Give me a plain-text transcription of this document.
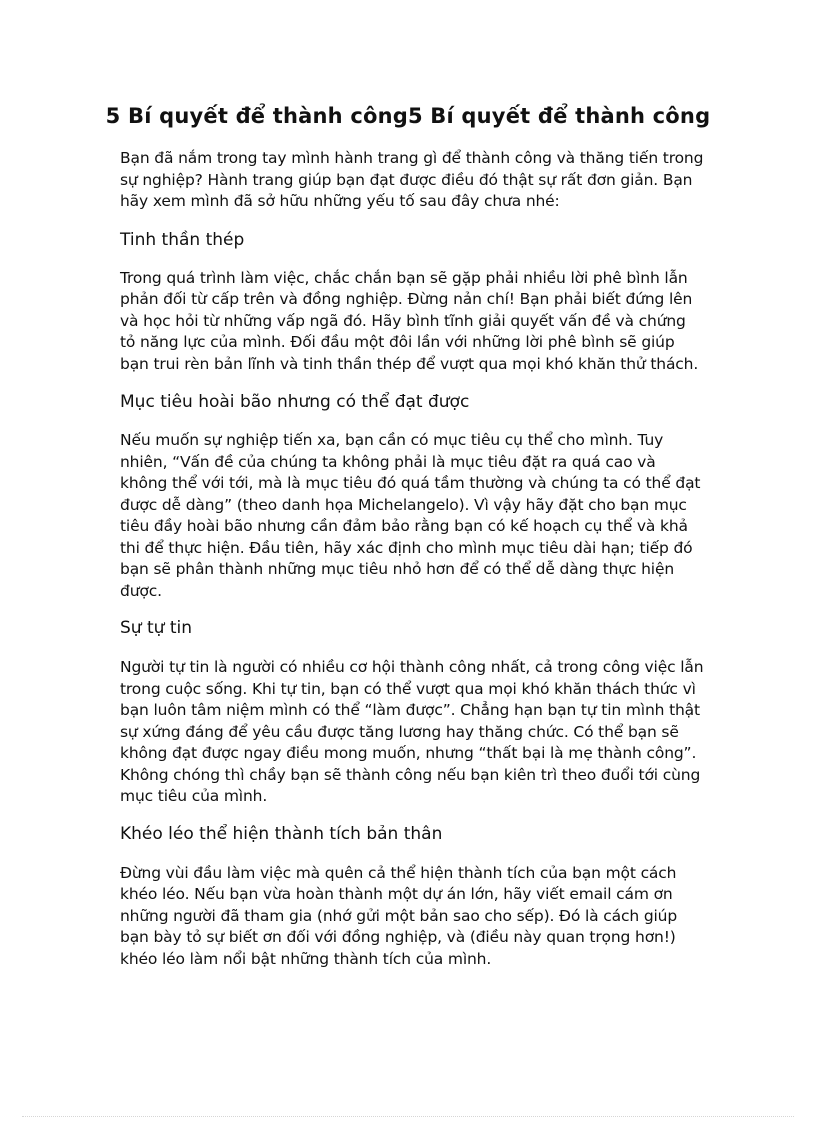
5 Bí quyết để thành công5 Bí quyết để thành công

Bạn đã nắm trong tay mình hành trang gì để thành công và thăng tiến trong sự nghiệp? Hành trang giúp bạn đạt được điều đó thật sự rất đơn giản. Bạn hãy xem mình đã sở hữu những yếu tố sau đây chưa nhé:

Tinh thần thép

Trong quá trình làm việc, chắc chắn bạn sẽ gặp phải nhiều lời phê bình lẫn phản đối từ cấp trên và đồng nghiệp. Đừng nản chí! Bạn phải biết đứng lên và học hỏi từ những vấp ngã đó. Hãy bình tĩnh giải quyết vấn đề và chứng tỏ năng lực của mình. Đối đầu một đôi lần với những lời phê bình sẽ giúp bạn trui rèn bản lĩnh và tinh thần thép để vượt qua mọi khó khăn thử thách.

Mục tiêu hoài bão nhưng có thể đạt được

Nếu muốn sự nghiệp tiến xa, bạn cần có mục tiêu cụ thể cho mình. Tuy nhiên, “Vấn đề của chúng ta không phải là mục tiêu đặt ra quá cao và không thể với tới, mà là mục tiêu đó quá tầm thường và chúng ta có thể đạt được dễ dàng” (theo danh họa Michelangelo). Vì vậy hãy đặt cho bạn mục tiêu đầy hoài bão nhưng cần đảm bảo rằng bạn có kế hoạch cụ thể và khả thi để thực hiện. Đầu tiên, hãy xác định cho mình mục tiêu dài hạn; tiếp đó bạn sẽ phân thành những mục tiêu nhỏ hơn để có thể dễ dàng thực hiện được.

Sự tự tin

Người tự tin là người có nhiều cơ hội thành công nhất, cả trong công việc lẫn trong cuộc sống. Khi tự tin, bạn có thể vượt qua mọi khó khăn thách thức vì bạn luôn tâm niệm mình có thể “làm được”. Chẳng hạn bạn tự tin mình thật sự xứng đáng để yêu cầu được tăng lương hay thăng chức. Có thể bạn sẽ không đạt được ngay điều mong muốn, nhưng “thất bại là mẹ thành công”. Không chóng thì chầy bạn sẽ thành công nếu bạn kiên trì theo đuổi tới cùng mục tiêu của mình.

Khéo léo thể hiện thành tích bản thân

Đừng vùi đầu làm việc mà quên cả thể hiện thành tích của bạn một cách khéo léo. Nếu bạn vừa hoàn thành một dự án lớn, hãy viết email cám ơn những người đã tham gia (nhớ gửi một bản sao cho sếp). Đó là cách giúp bạn bày tỏ sự biết ơn đối với đồng nghiệp, và (điều này quan trọng hơn!) khéo léo làm nổi bật những thành tích của mình.
